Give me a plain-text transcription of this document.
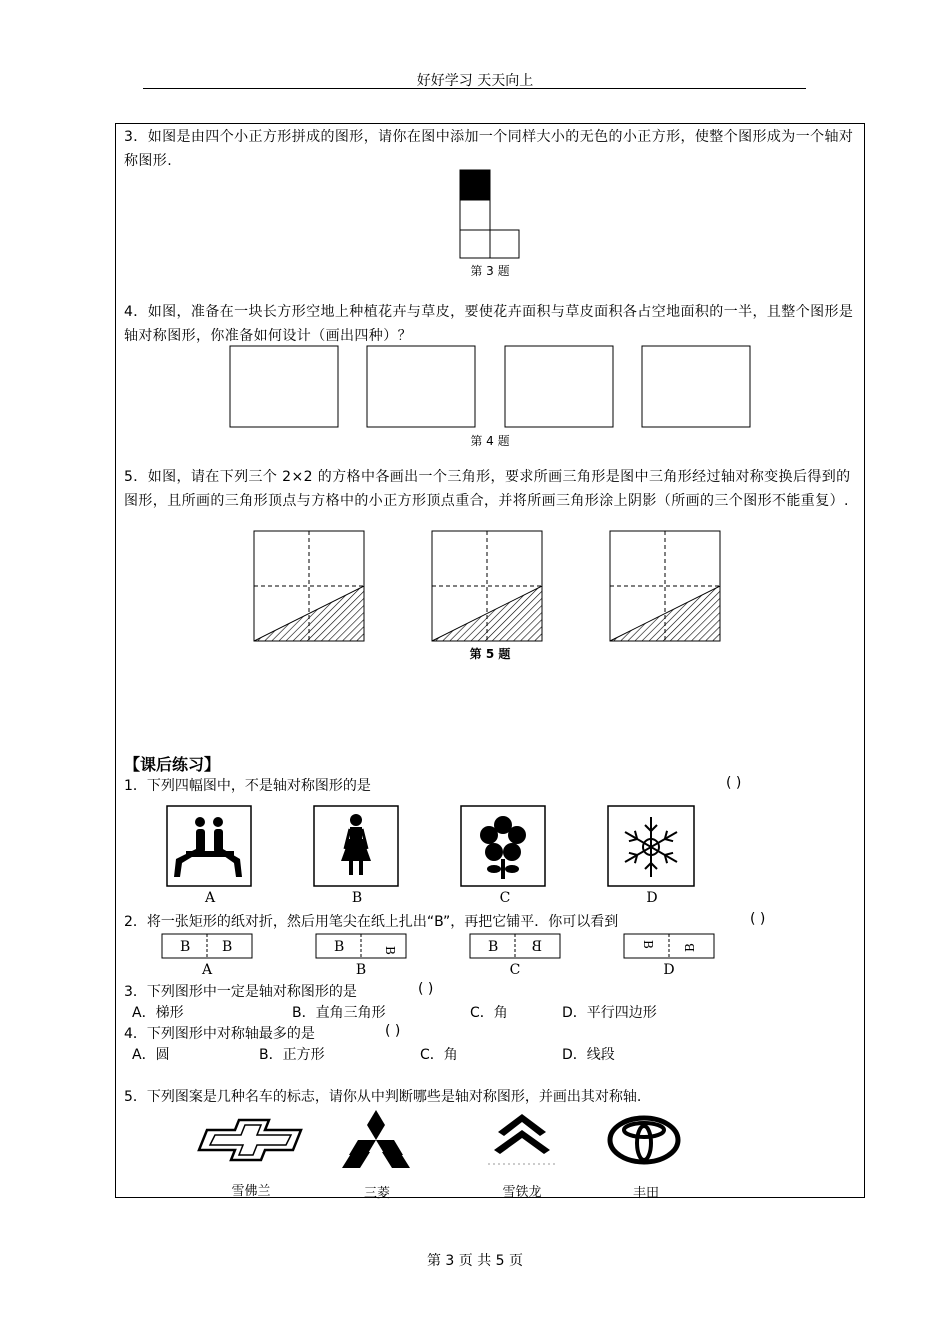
好好学习 天天向上
3．如图是由四个小正方形拼成的图形，请你在图中添加一个同样大小的无色的小正方形，使整个图形成为一个轴对称图形.
第 3 题
4．如图，准备在一块长方形空地上种植花卉与草皮，要使花卉面积与草皮面积各占空地面积的一半，且整个图形是轴对称图形，你准备如何设计（画出四种）？
第 4 题
5．如图，请在下列三个 2×2 的方格中各画出一个三角形，要求所画三角形是图中三角形经过轴对称变换后得到的图形，且所画的三角形顶点与方格中的小正方形顶点重合，并将所画三角形涂上阴影（所画的三个图形不能重复）.
第 5 题
【课后练习】
1．下列四幅图中，不是轴对称图形的是	( )
A	B	C	D
2．将一张矩形的纸对折，然后用笔尖在纸上扎出“B”，再把它铺平．你可以看到	( )
B B	B	B	B B	B B
A	B	C	D
3．下列图形中一定是轴对称图形的是	( )
A．梯形	B．直角三角形	C．角	D．平行四边形
4．下列图形中对称轴最多的是	( )
A．圆	B．正方形	C．角	D．线段
5．下列图案是几种名车的标志，请你从中判断哪些是轴对称图形，并画出其对称轴.
雪佛兰	三菱	雪铁龙	丰田
第 3 页 共 5 页
